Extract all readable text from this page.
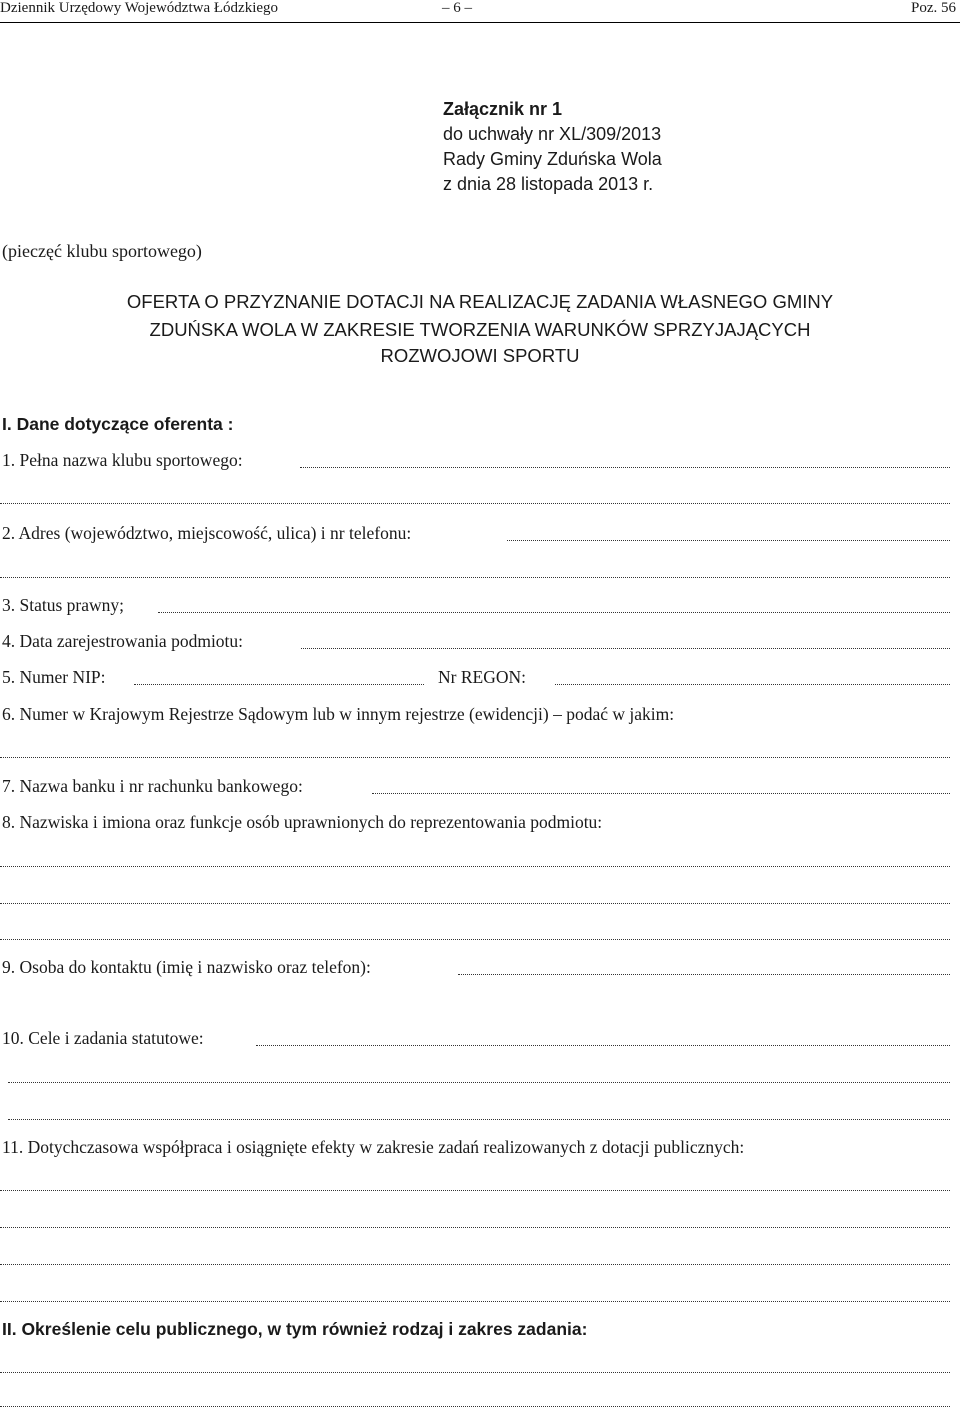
Dziennik Urzędowy Województwa Łódzkiego	– 6 –	Poz. 56
Załącznik nr 1
do uchwały nr XL/309/2013
Rady Gminy Zduńska Wola
z dnia 28 listopada 2013 r.
(pieczęć klubu sportowego)
OFERTA O PRZYZNANIE DOTACJI NA REALIZACJĘ ZADANIA WŁASNEGO GMINY
ZDUŃSKA WOLA W ZAKRESIE TWORZENIA WARUNKÓW SPRZYJAJĄCYCH
ROZWOJOWI SPORTU
I. Dane dotyczące oferenta :
1. Pełna nazwa klubu sportowego:
2. Adres (województwo, miejscowość, ulica) i nr telefonu:
3. Status prawny;
4. Data zarejestrowania podmiotu:
5. Numer NIP:	Nr REGON:
6. Numer w Krajowym Rejestrze Sądowym lub w innym rejestrze (ewidencji) – podać w jakim:
7. Nazwa banku i nr rachunku bankowego:
8. Nazwiska i imiona oraz funkcje osób uprawnionych do reprezentowania podmiotu:
9. Osoba do kontaktu (imię i nazwisko oraz telefon):
10. Cele i zadania statutowe:
11. Dotychczasowa współpraca i osiągnięte efekty w zakresie zadań realizowanych z dotacji publicznych:
II. Określenie celu publicznego, w tym również rodzaj i zakres zadania:
